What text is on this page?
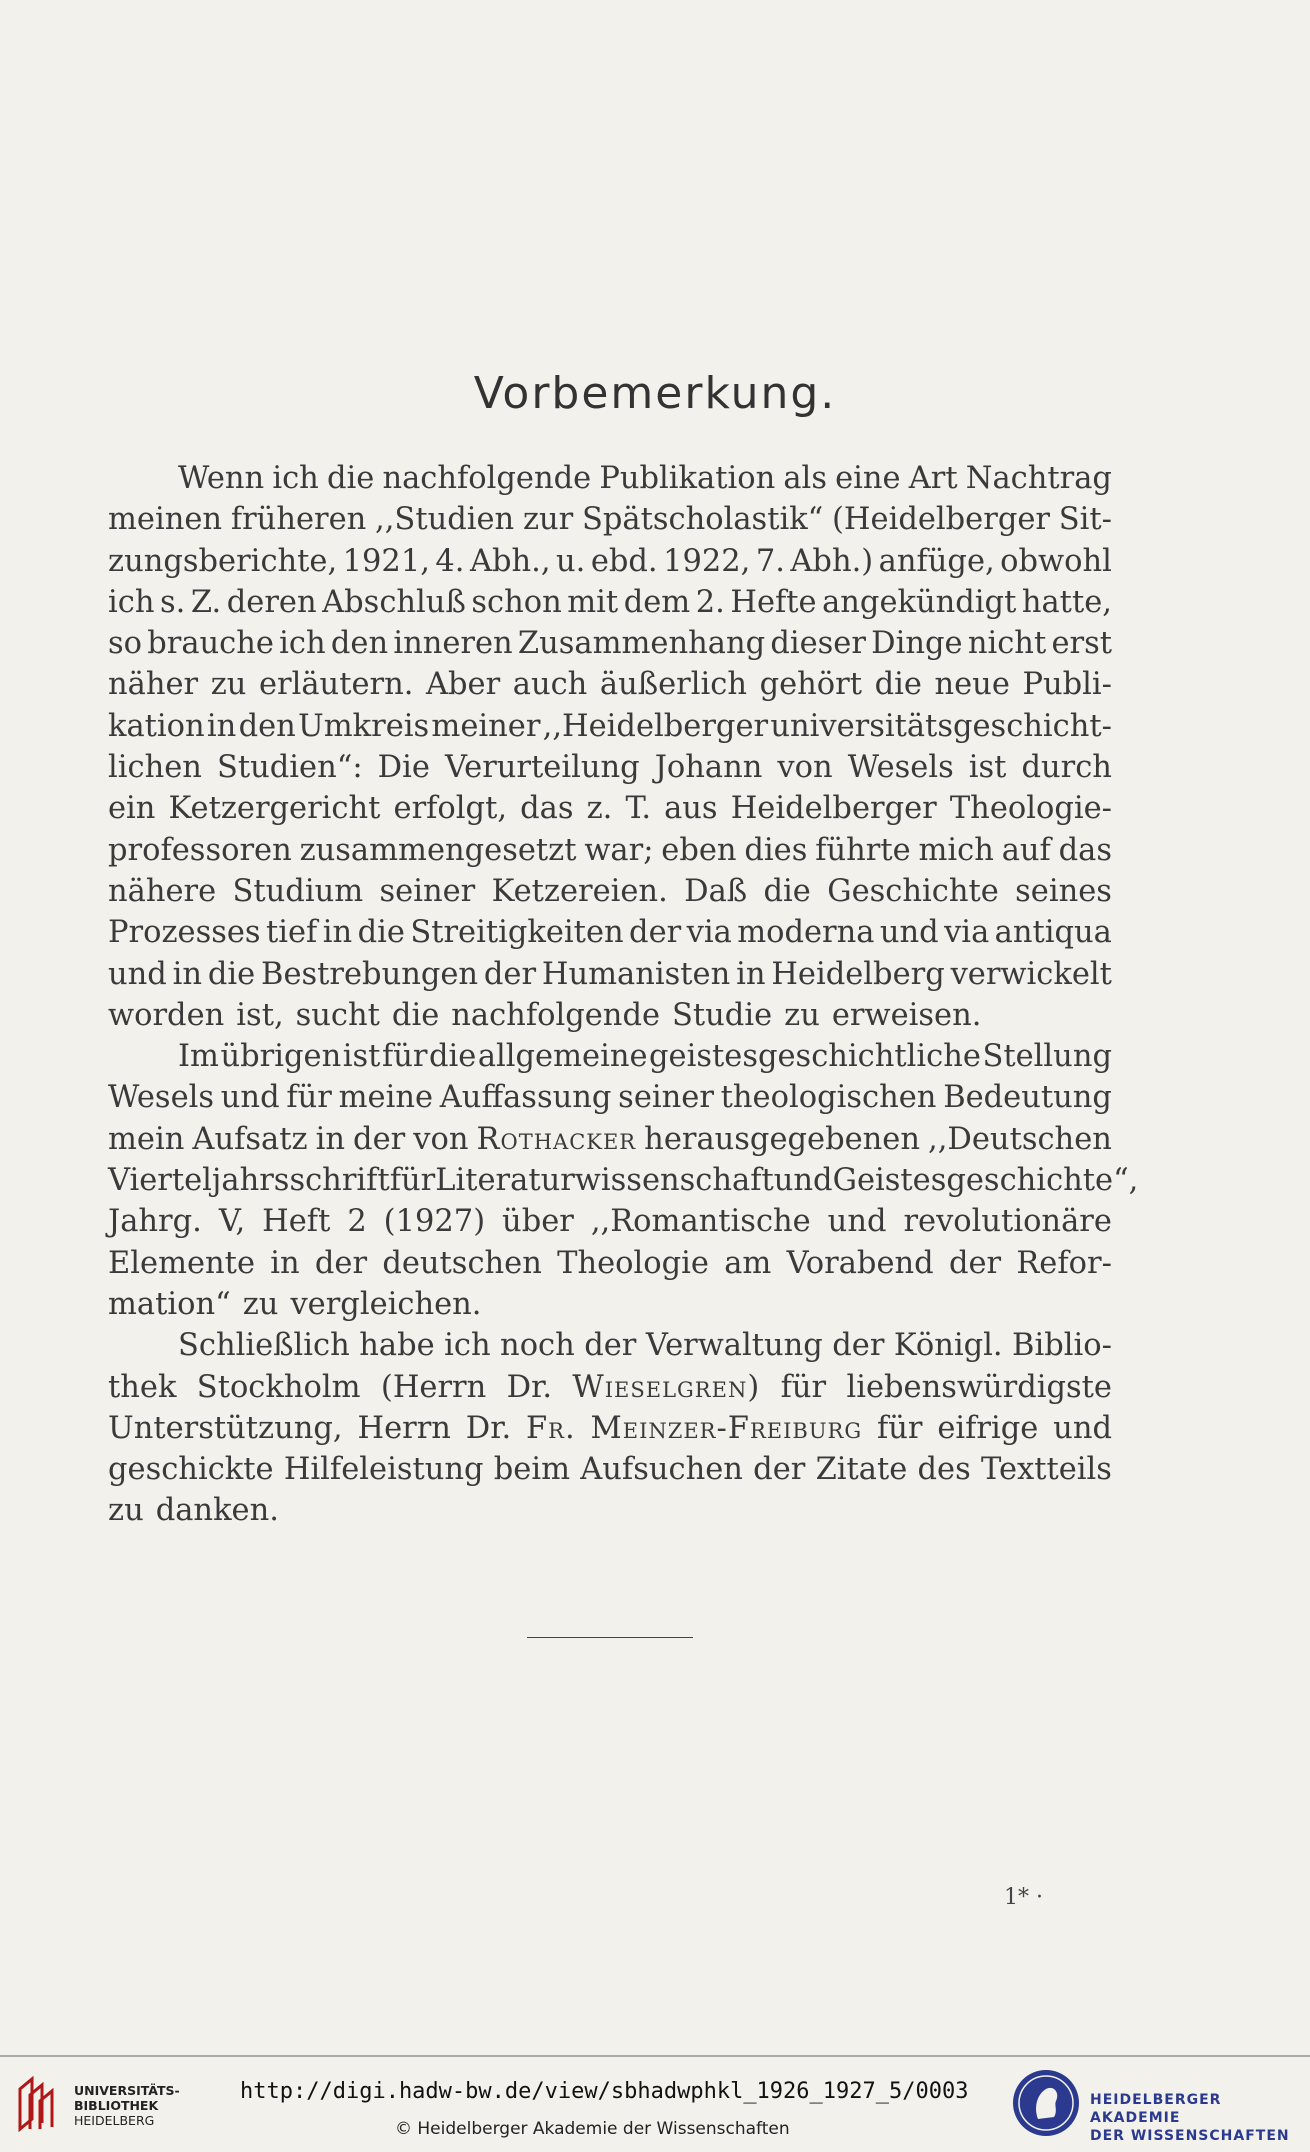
Vorbemerkung.
Wenn ich die nachfolgende Publikation als eine Art Nachtrag
meinen früheren ,,Studien zur Spätscholastik“ (Heidelberger Sit-
zungsberichte, 1921, 4. Abh., u. ebd. 1922, 7. Abh.) anfüge, obwohl
ich s. Z. deren Abschluß schon mit dem 2. Hefte angekündigt hatte,
so brauche ich den inneren Zusammenhang dieser Dinge nicht erst
näher zu erläutern. Aber auch äußerlich gehört die neue Publi-
kation in den Umkreis meiner ,,Heidelberger universitätsgeschicht-
lichen Studien“: Die Verurteilung Johann von Wesels ist durch
ein Ketzergericht erfolgt, das z. T. aus Heidelberger Theologie-
professoren zusammengesetzt war; eben dies führte mich auf das
nähere Studium seiner Ketzereien. Daß die Geschichte seines
Prozesses tief in die Streitigkeiten der via moderna und via antiqua
und in die Bestrebungen der Humanisten in Heidelberg verwickelt
worden ist, sucht die nachfolgende Studie zu erweisen.
Im übrigen ist für die allgemeine geistesgeschichtliche Stellung
Wesels und für meine Auffassung seiner theologischen Bedeutung
mein Aufsatz in der von Rothacker herausgegebenen ,,Deutschen
Vierteljahrsschrift für Literaturwissenschaft und Geistesgeschichte“,
Jahrg. V, Heft 2 (1927) über ,,Romantische und revolutionäre
Elemente in der deutschen Theologie am Vorabend der Refor-
mation“ zu vergleichen.
Schließlich habe ich noch der Verwaltung der Königl. Biblio-
thek Stockholm (Herrn Dr. Wieselgren) für liebenswürdigste
Unterstützung, Herrn Dr. Fr. Meinzer-Freiburg für eifrige und
geschickte Hilfeleistung beim Aufsuchen der Zitate des Textteils
zu danken.
1* ·
UNIVERSITÄTS-
BIBLIOTHEK
HEIDELBERG
http://digi.hadw-bw.de/view/sbhadwphkl_1926_1927_5/0003
© Heidelberger Akademie der Wissenschaften
HEIDELBERGER AKADEMIE
DER WISSENSCHAFTEN
